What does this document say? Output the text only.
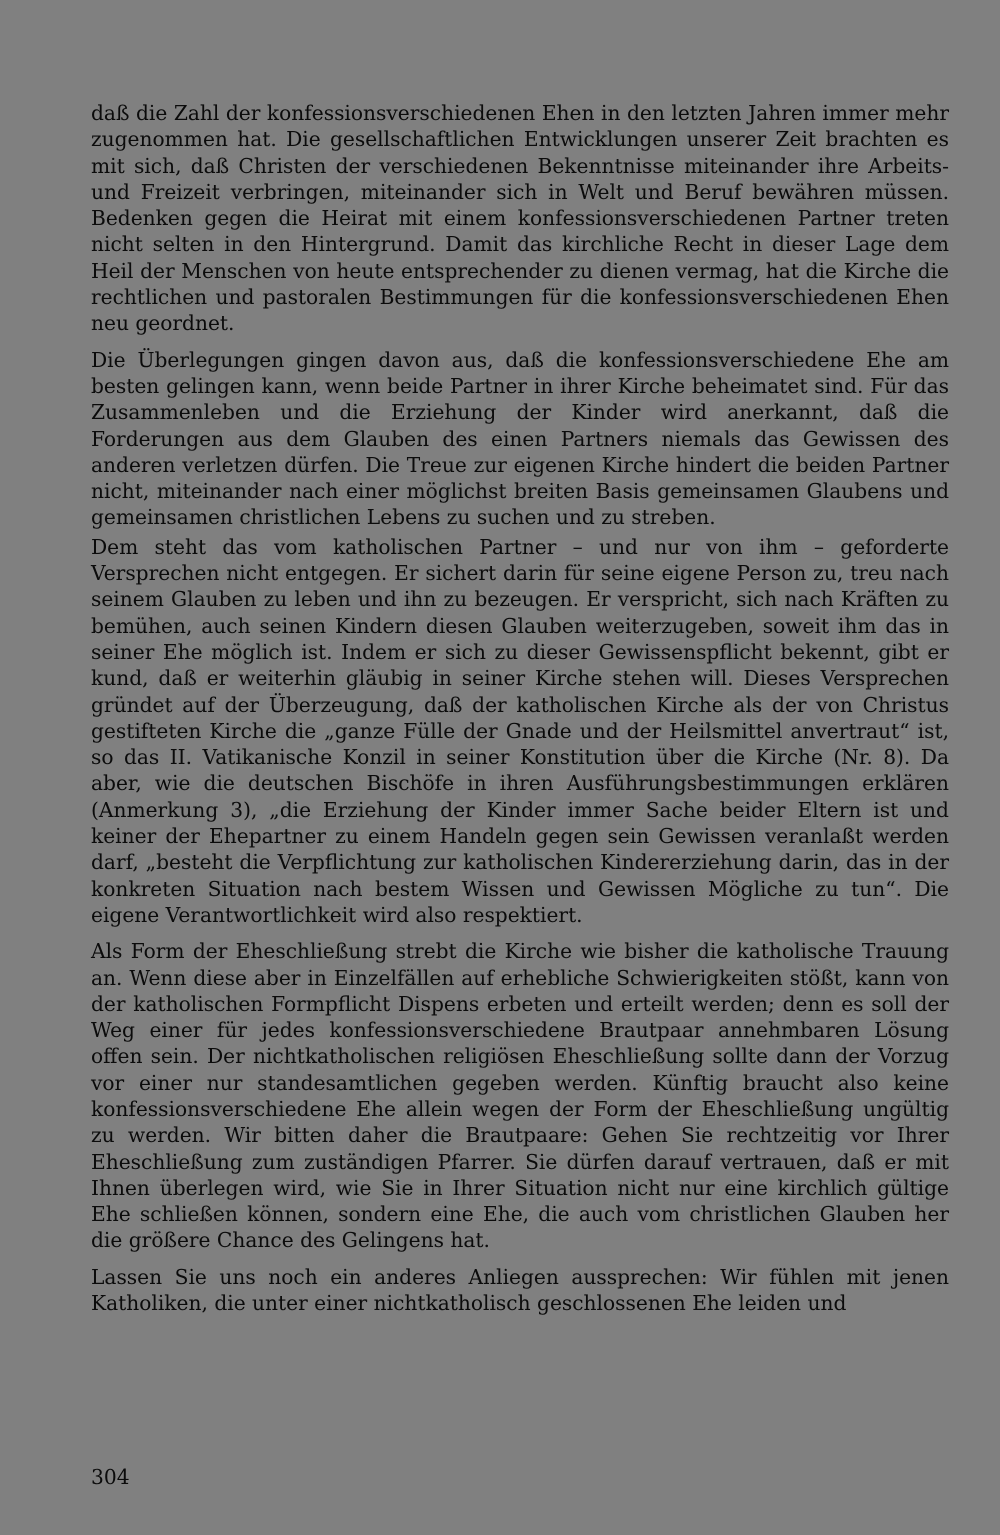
daß die Zahl der konfessionsverschiedenen Ehen in den letzten Jahren immer mehr zugenommen hat. Die gesellschaftlichen Entwicklungen unserer Zeit brachten es mit sich, daß Christen der verschiedenen Bekenntnisse miteinander ihre Arbeits- und Freizeit verbringen, miteinander sich in Welt und Beruf bewähren müssen. Bedenken gegen die Heirat mit einem konfessionsverschiedenen Partner treten nicht selten in den Hintergrund. Damit das kirchliche Recht in dieser Lage dem Heil der Menschen von heute entsprechender zu dienen vermag, hat die Kirche die rechtlichen und pastoralen Bestimmungen für die konfessionsverschiedenen Ehen neu geordnet.

Die Überlegungen gingen davon aus, daß die konfessionsverschiedene Ehe am besten gelingen kann, wenn beide Partner in ihrer Kirche beheimatet sind. Für das Zusammenleben und die Erziehung der Kinder wird anerkannt, daß die Forderungen aus dem Glauben des einen Partners niemals das Gewissen des anderen verletzen dürfen. Die Treue zur eigenen Kirche hindert die beiden Partner nicht, miteinander nach einer möglichst breiten Basis gemeinsamen Glaubens und gemeinsamen christlichen Lebens zu suchen und zu streben.

Dem steht das vom katholischen Partner – und nur von ihm – geforderte Versprechen nicht entgegen. Er sichert darin für seine eigene Person zu, treu nach seinem Glauben zu leben und ihn zu bezeugen. Er verspricht, sich nach Kräften zu bemühen, auch seinen Kindern diesen Glauben weiterzugeben, soweit ihm das in seiner Ehe möglich ist. Indem er sich zu dieser Gewissenspflicht bekennt, gibt er kund, daß er weiterhin gläubig in seiner Kirche stehen will. Dieses Versprechen gründet auf der Überzeugung, daß der katholischen Kirche als der von Christus gestifteten Kirche die „ganze Fülle der Gnade und der Heilsmittel anvertraut“ ist, so das II. Vatikanische Konzil in seiner Konstitution über die Kirche (Nr. 8). Da aber, wie die deutschen Bischöfe in ihren Ausführungsbestimmungen erklären (Anmerkung 3), „die Erziehung der Kinder immer Sache beider Eltern ist und keiner der Ehepartner zu einem Handeln gegen sein Gewissen veranlaßt werden darf, „besteht die Verpflichtung zur katholischen Kindererziehung darin, das in der konkreten Situation nach bestem Wissen und Gewissen Mögliche zu tun“. Die eigene Verantwortlichkeit wird also respektiert.

Als Form der Eheschließung strebt die Kirche wie bisher die katholische Trauung an. Wenn diese aber in Einzelfällen auf erhebliche Schwierigkeiten stößt, kann von der katholischen Formpflicht Dispens erbeten und erteilt werden; denn es soll der Weg einer für jedes konfessionsverschiedene Brautpaar annehmbaren Lösung offen sein. Der nichtkatholischen religiösen Eheschließung sollte dann der Vorzug vor einer nur standesamtlichen gegeben werden. Künftig braucht also keine konfessionsverschiedene Ehe allein wegen der Form der Eheschließung ungültig zu werden. Wir bitten daher die Brautpaare: Gehen Sie rechtzeitig vor Ihrer Eheschließung zum zuständigen Pfarrer. Sie dürfen darauf vertrauen, daß er mit Ihnen überlegen wird, wie Sie in Ihrer Situation nicht nur eine kirchlich gültige Ehe schließen können, sondern eine Ehe, die auch vom christlichen Glauben her die größere Chance des Gelingens hat.

Lassen Sie uns noch ein anderes Anliegen aussprechen: Wir fühlen mit jenen Katholiken, die unter einer nichtkatholisch geschlossenen Ehe leiden und

304
